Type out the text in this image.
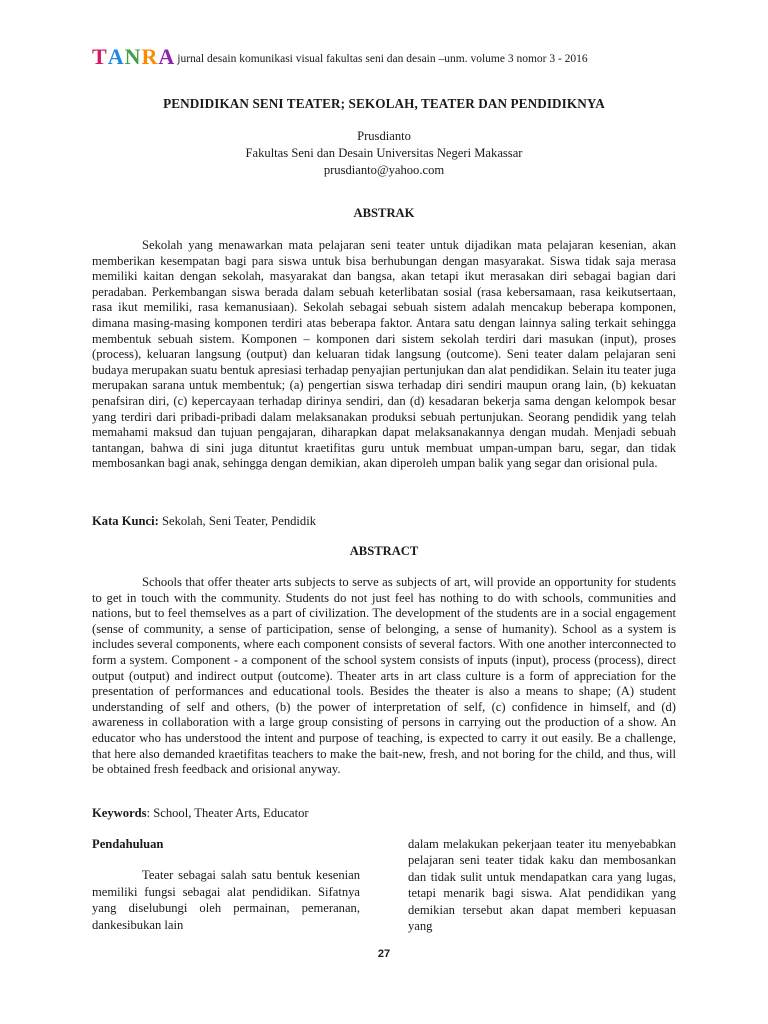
T A N R A jurnal desain komunikasi visual fakultas seni dan desain –unm. volume 3 nomor 3 - 2016
PENDIDIKAN SENI TEATER; SEKOLAH, TEATER DAN PENDIDIKNYA
Prusdianto
Fakultas Seni dan Desain Universitas Negeri Makassar
prusdianto@yahoo.com
ABSTRAK

Sekolah yang menawarkan mata pelajaran seni teater untuk dijadikan mata pelajaran kesenian, akan memberikan kesempatan bagi para siswa untuk bisa berhubungan dengan masyarakat. Siswa tidak saja merasa memiliki kaitan dengan sekolah, masyarakat dan bangsa, akan tetapi ikut merasakan diri sebagai bagian dari peradaban. Perkembangan siswa berada dalam sebuah keterlibatan sosial (rasa kebersamaan, rasa keikutsertaan, rasa ikut memiliki, rasa kemanusiaan). Sekolah sebagai sebuah sistem adalah mencakup beberapa komponen, dimana masing-masing komponen terdiri atas beberapa faktor. Antara satu dengan lainnya saling terkait sehingga membentuk sebuah sistem. Komponen – komponen dari sistem sekolah terdiri dari masukan (input), proses (process), keluaran langsung (output) dan keluaran tidak langsung (outcome). Seni teater dalam pelajaran seni budaya merupakan suatu bentuk apresiasi terhadap penyajian pertunjukan dan alat pendidikan. Selain itu teater juga merupakan sarana untuk membentuk; (a) pengertian siswa terhadap diri sendiri maupun orang lain, (b) kekuatan penafsiran diri, (c) kepercayaan terhadap dirinya sendiri, dan (d) kesadaran bekerja sama dengan kelompok besar yang terdiri dari pribadi-pribadi dalam melaksanakan produksi sebuah pertunjukan. Seorang pendidik yang telah memahami maksud dan tujuan pengajaran, diharapkan dapat melaksanakannya dengan mudah. Menjadi sebuah tantangan, bahwa di sini juga dituntut kraetifitas guru untuk membuat umpan-umpan baru, segar, dan tidak membosankan bagi anak, sehingga dengan demikian, akan diperoleh umpan balik yang segar dan orisional pula.

Kata Kunci: Sekolah, Seni Teater, Pendidik
ABSTRACT

Schools that offer theater arts subjects to serve as subjects of art, will provide an opportunity for students to get in touch with the community. Students do not just feel has nothing to do with schools, communities and nations, but to feel themselves as a part of civilization. The development of the students are in a social engagement (sense of community, a sense of participation, sense of belonging, a sense of humanity). School as a system is includes several components, where each component consists of several factors. With one another interconnected to form a system. Component - a component of the school system consists of inputs (input), process (process), direct output (output) and indirect output (outcome). Theater arts in art class culture is a form of appreciation for the presentation of performances and educational tools. Besides the theater is also a means to shape; (A) student understanding of self and others, (b) the power of interpretation of self, (c) confidence in himself, and (d) awareness in collaboration with a large group consisting of persons in carrying out the production of a show. An educator who has understood the intent and purpose of teaching, is expected to carry it out easily. Be a challenge, that here also demanded kraetifitas teachers to make the bait-new, fresh, and not boring for the child, and thus, will be obtained fresh feedback and orisional anyway.

Keywords: School, Theater Arts, Educator

Pendahuluan

Teater sebagai salah satu bentuk kesenian memiliki fungsi sebagai alat pendidikan. Sifatnya yang diselubungi oleh permainan, pemeranan, dankesibukan lain

dalam melakukan pekerjaan teater itu menyebabkan pelajaran seni teater tidak kaku dan membosankan dan tidak sulit untuk mendapatkan cara yang lugas, tetapi menarik bagi siswa. Alat pendidikan yang demikian tersebut akan dapat memberi kepuasan yang

27
